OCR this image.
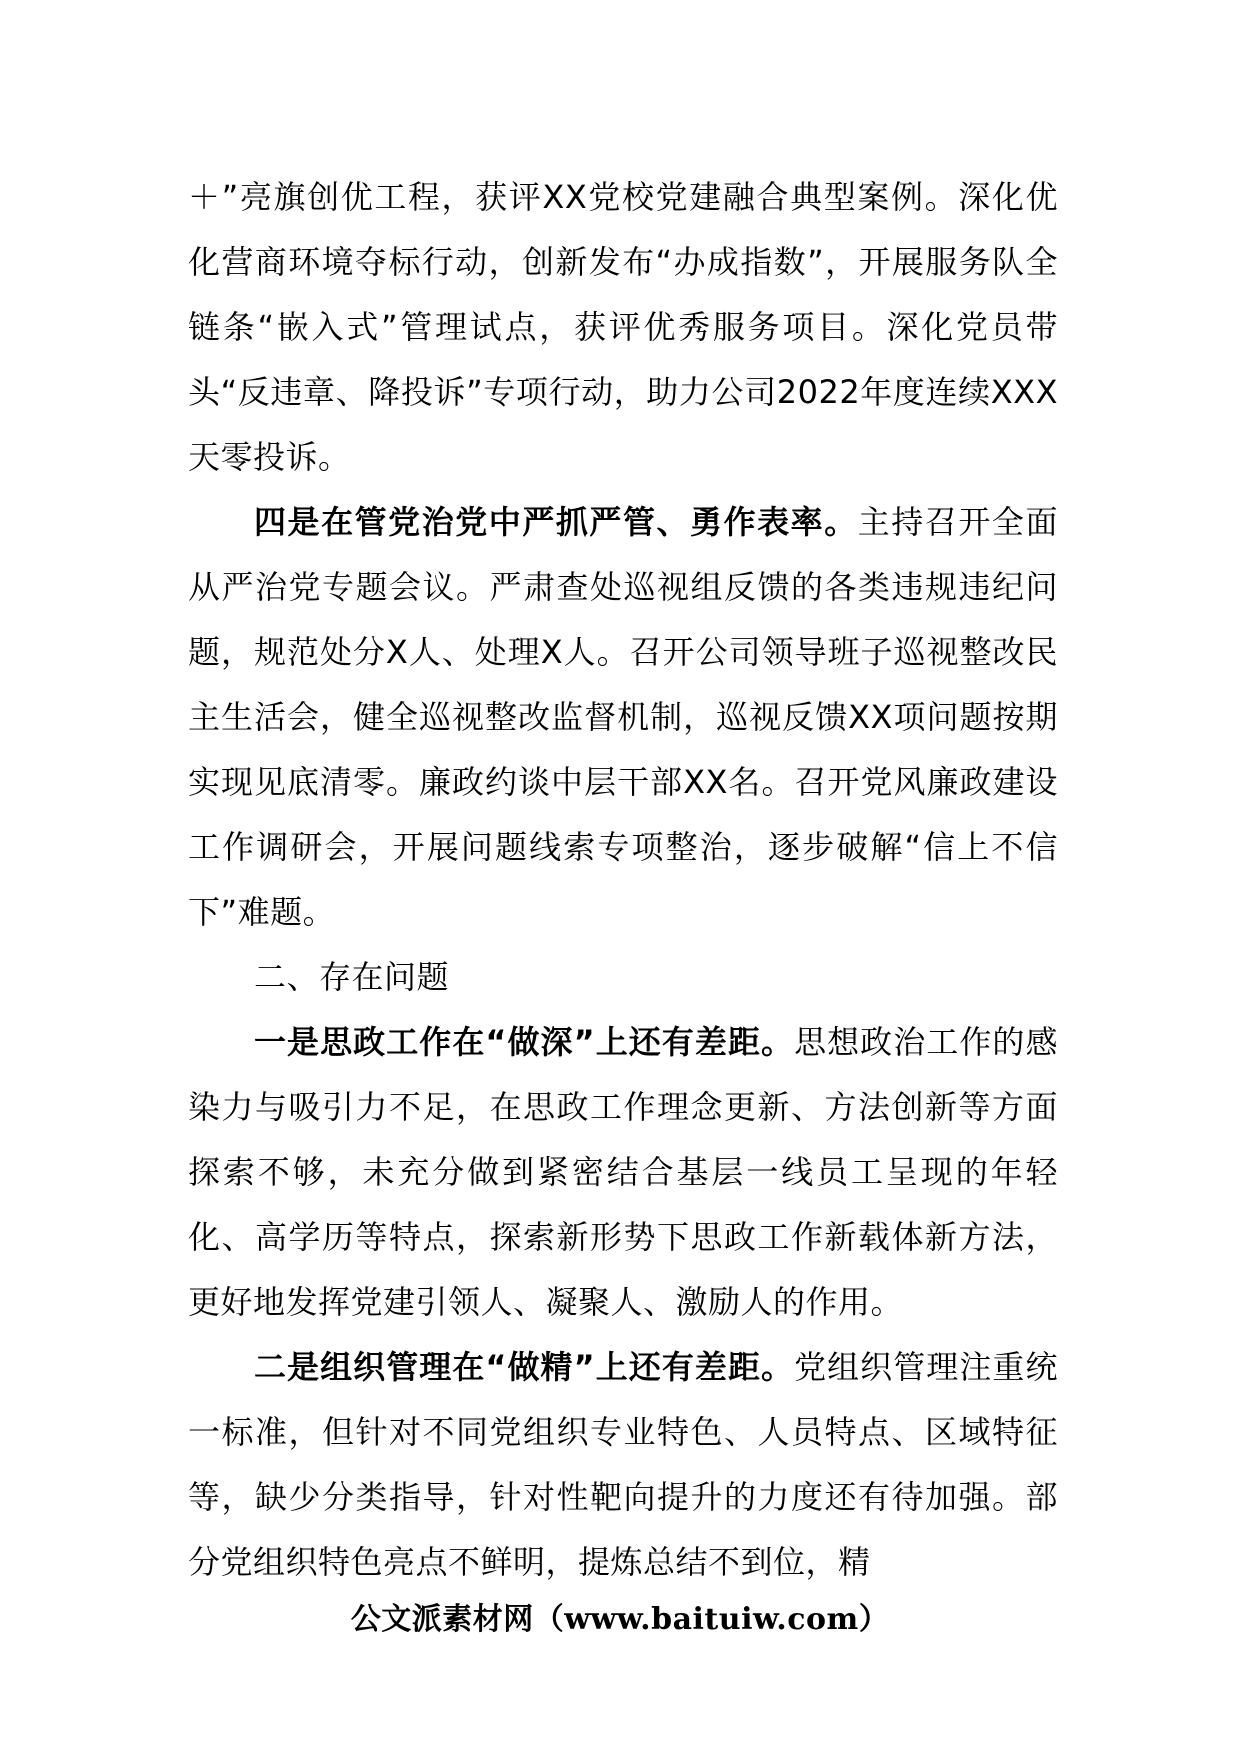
＋”亮旗创优工程，获评XX党校党建融合典型案例。深化优化营商环境夺标行动，创新发布“办成指数”，开展服务队全链条“嵌入式”管理试点，获评优秀服务项目。深化党员带头“反违章、降投诉”专项行动，助力公司2022年度连续XXX天零投诉。

四是在管党治党中严抓严管、勇作表率。主持召开全面从严治党专题会议。严肃查处巡视组反馈的各类违规违纪问题，规范处分X人、处理X人。召开公司领导班子巡视整改民主生活会，健全巡视整改监督机制，巡视反馈XX项问题按期实现见底清零。廉政约谈中层干部XX名。召开党风廉政建设工作调研会，开展问题线索专项整治，逐步破解“信上不信下”难题。

二、存在问题

一是思政工作在“做深”上还有差距。思想政治工作的感染力与吸引力不足，在思政工作理念更新、方法创新等方面探索不够，未充分做到紧密结合基层一线员工呈现的年轻化、高学历等特点，探索新形势下思政工作新载体新方法，更好地发挥党建引领人、凝聚人、激励人的作用。

二是组织管理在“做精”上还有差距。党组织管理注重统一标准，但针对不同党组织专业特色、人员特点、区域特征等，缺少分类指导，针对性靶向提升的力度还有待加强。部分党组织特色亮点不鲜明，提炼总结不到位，精

公文派素材网（www.baituiw.com）
